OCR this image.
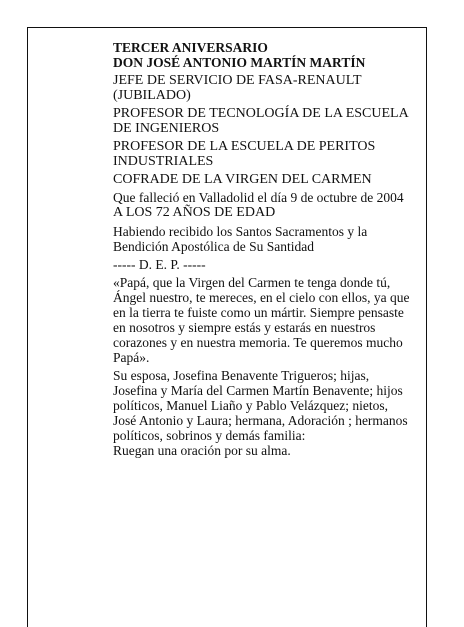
TERCER ANIVERSARIO

DON JOSÉ ANTONIO MARTÍN MARTÍN

JEFE DE SERVICIO DE FASA-RENAULT (JUBILADO)

PROFESOR DE TECNOLOGÍA DE LA ESCUELA DE INGENIEROS

PROFESOR DE LA ESCUELA DE PERITOS INDUSTRIALES

COFRADE DE LA VIRGEN DEL CARMEN

Que falleció en Valladolid el día 9 de octubre de 2004

A LOS 72 AÑOS DE EDAD

Habiendo recibido los Santos Sacramentos y la Bendición Apostólica de Su Santidad

----- D. E. P. -----

«Papá, que la Virgen del Carmen te tenga donde tú, Ángel nuestro, te mereces, en el cielo con ellos, ya que en la tierra te fuiste como un mártir. Siempre pensaste en nosotros y siempre estás y estarás en nuestros corazones y en nuestra memoria. Te queremos mucho Papá».

Su esposa, Josefina Benavente Trigueros; hijas, Josefina y María del Carmen Martín Benavente; hijos políticos, Manuel Liaño y Pablo Velázquez; nietos, José Antonio y Laura; hermana, Adoración ; hermanos políticos, sobrinos y demás familia:

Ruegan una oración por su alma.
